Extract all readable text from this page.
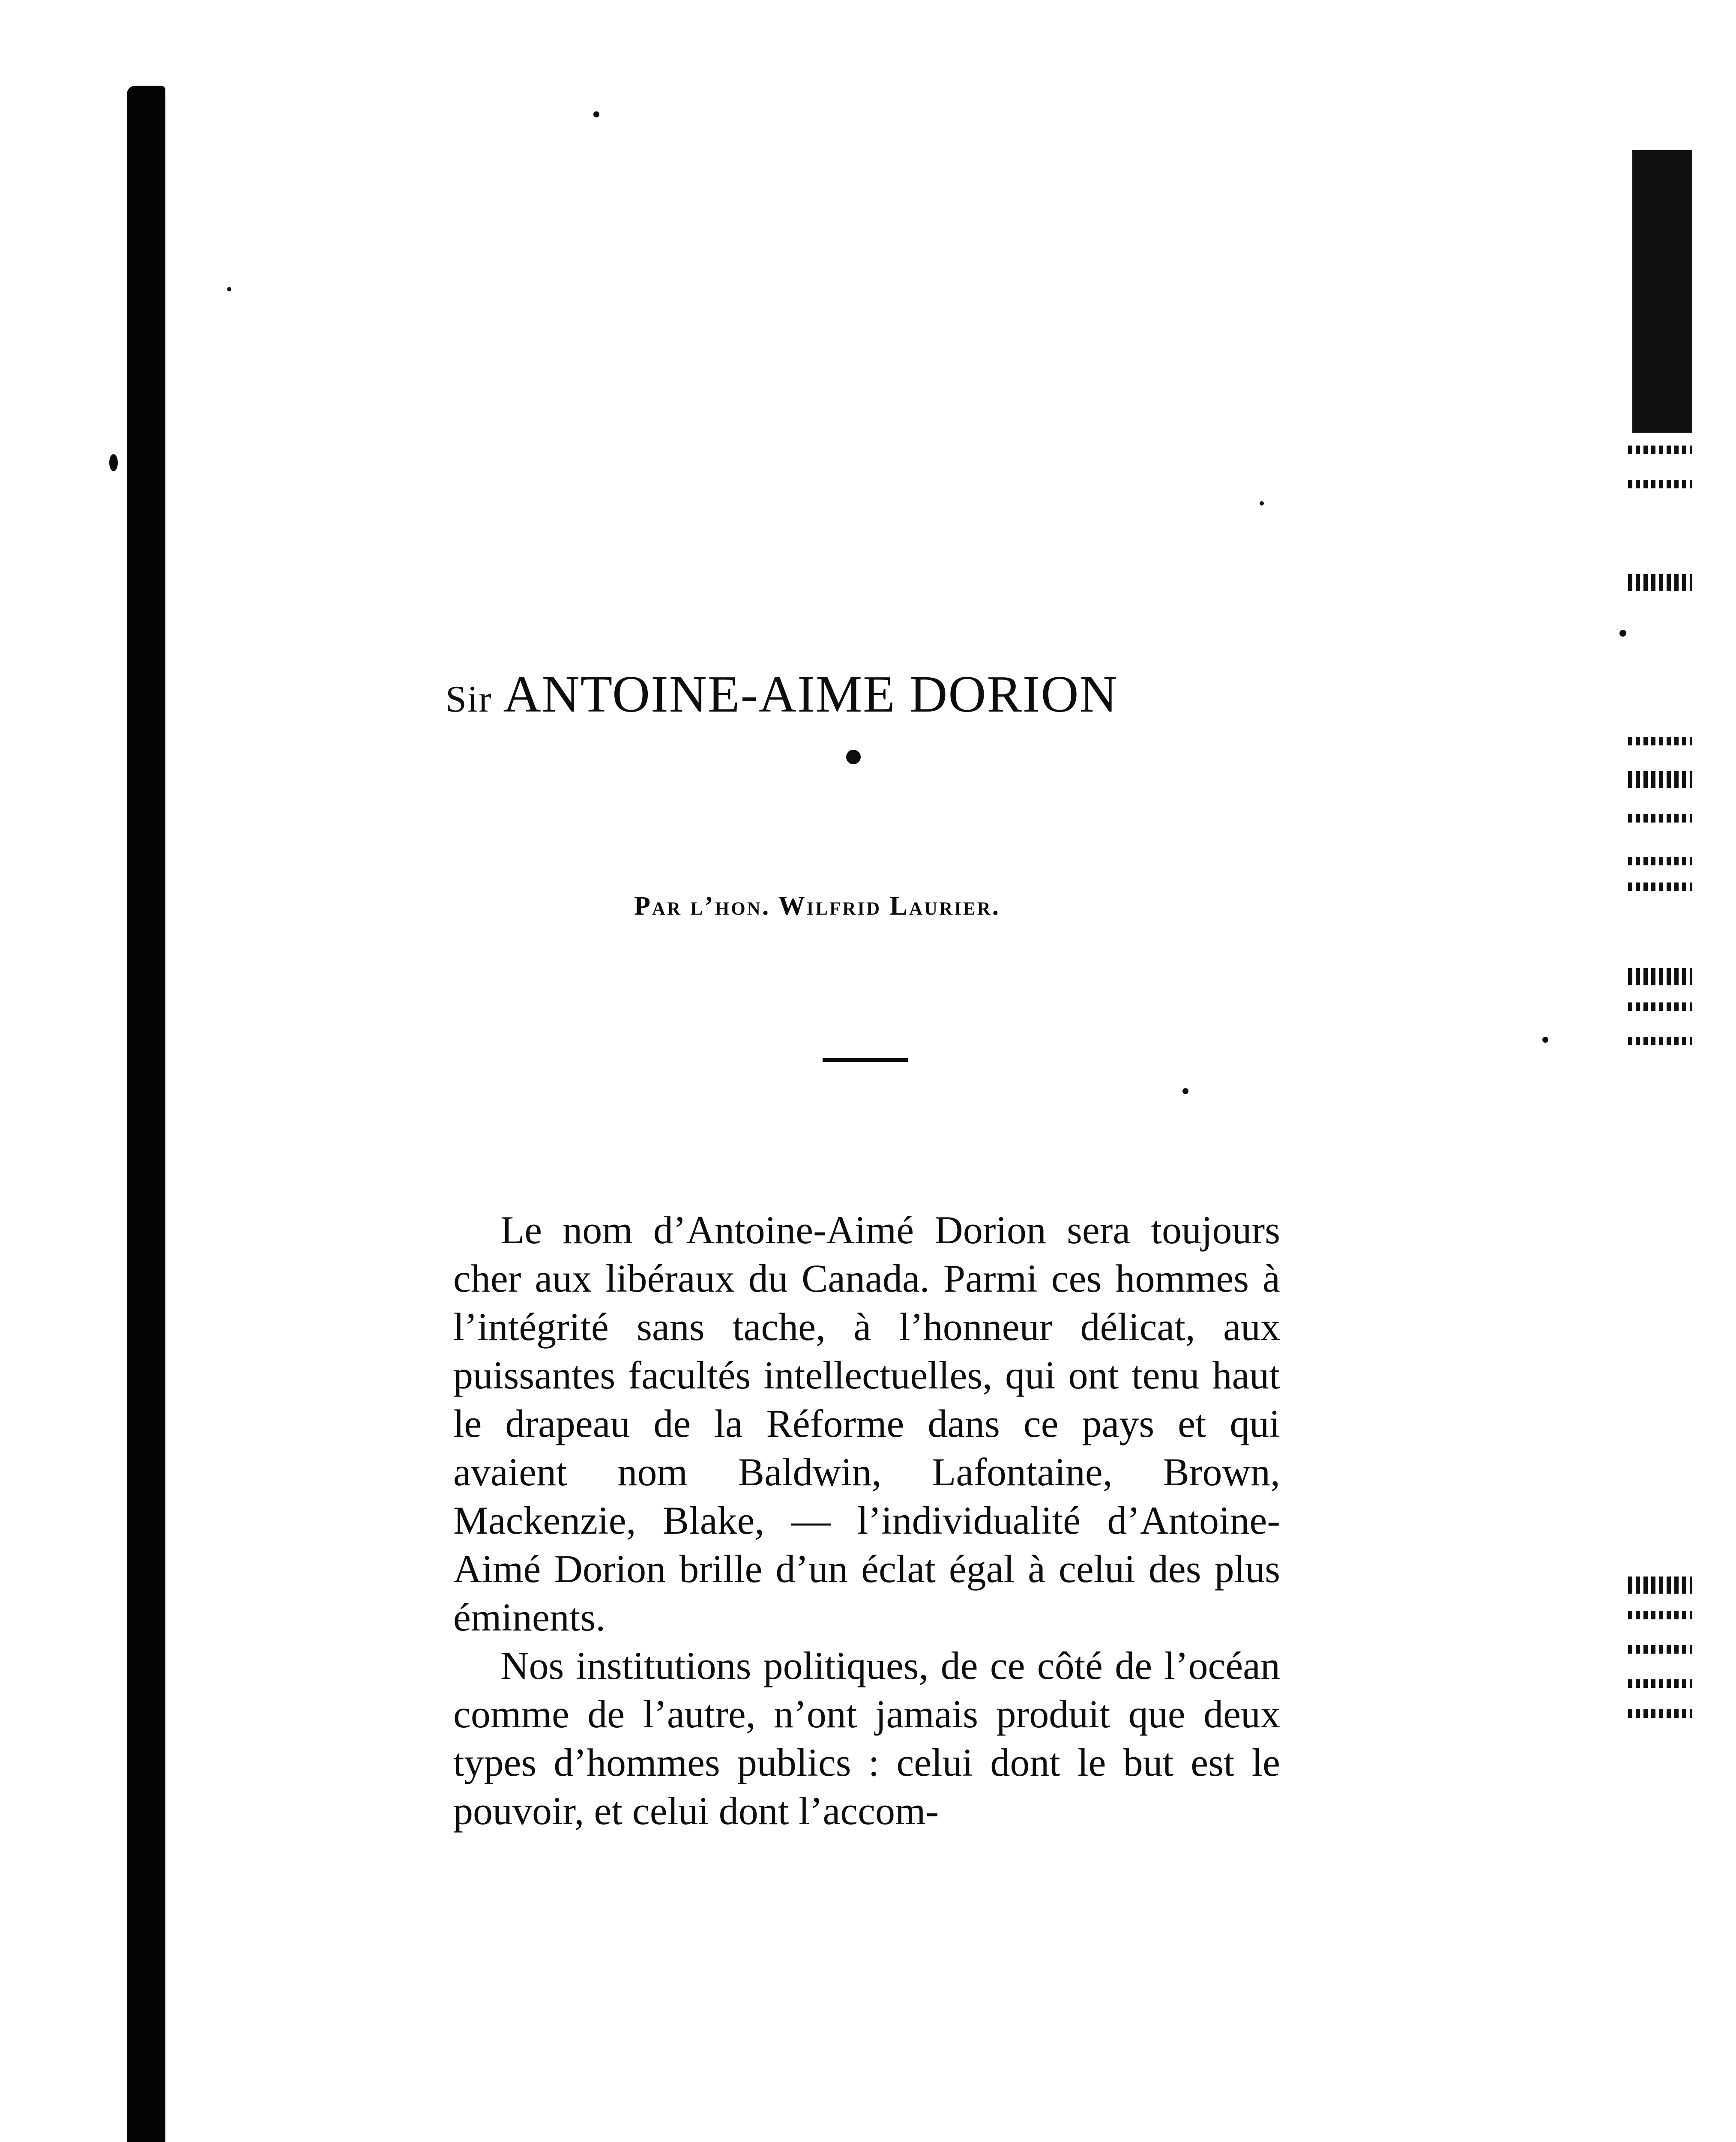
Sir ANTOINE-AIME DORION
Par l’hon. Wilfrid Laurier.

Le nom d’Antoine-Aimé Dorion sera toujours cher aux libéraux du Canada. Parmi ces hommes à l’intégrité sans tache, à l’honneur délicat, aux puissantes facultés intellectuelles, qui ont tenu haut le drapeau de la Réforme dans ce pays et qui avaient nom Baldwin, Lafontaine, Brown, Mackenzie, Blake, — l’individualité d’Antoine-Aimé Dorion brille d’un éclat égal à celui des plus éminents.

Nos institutions politiques, de ce côté de l’océan comme de l’autre, n’ont jamais produit que deux types d’hommes publics : celui dont le but est le pouvoir, et celui dont l’accom-
